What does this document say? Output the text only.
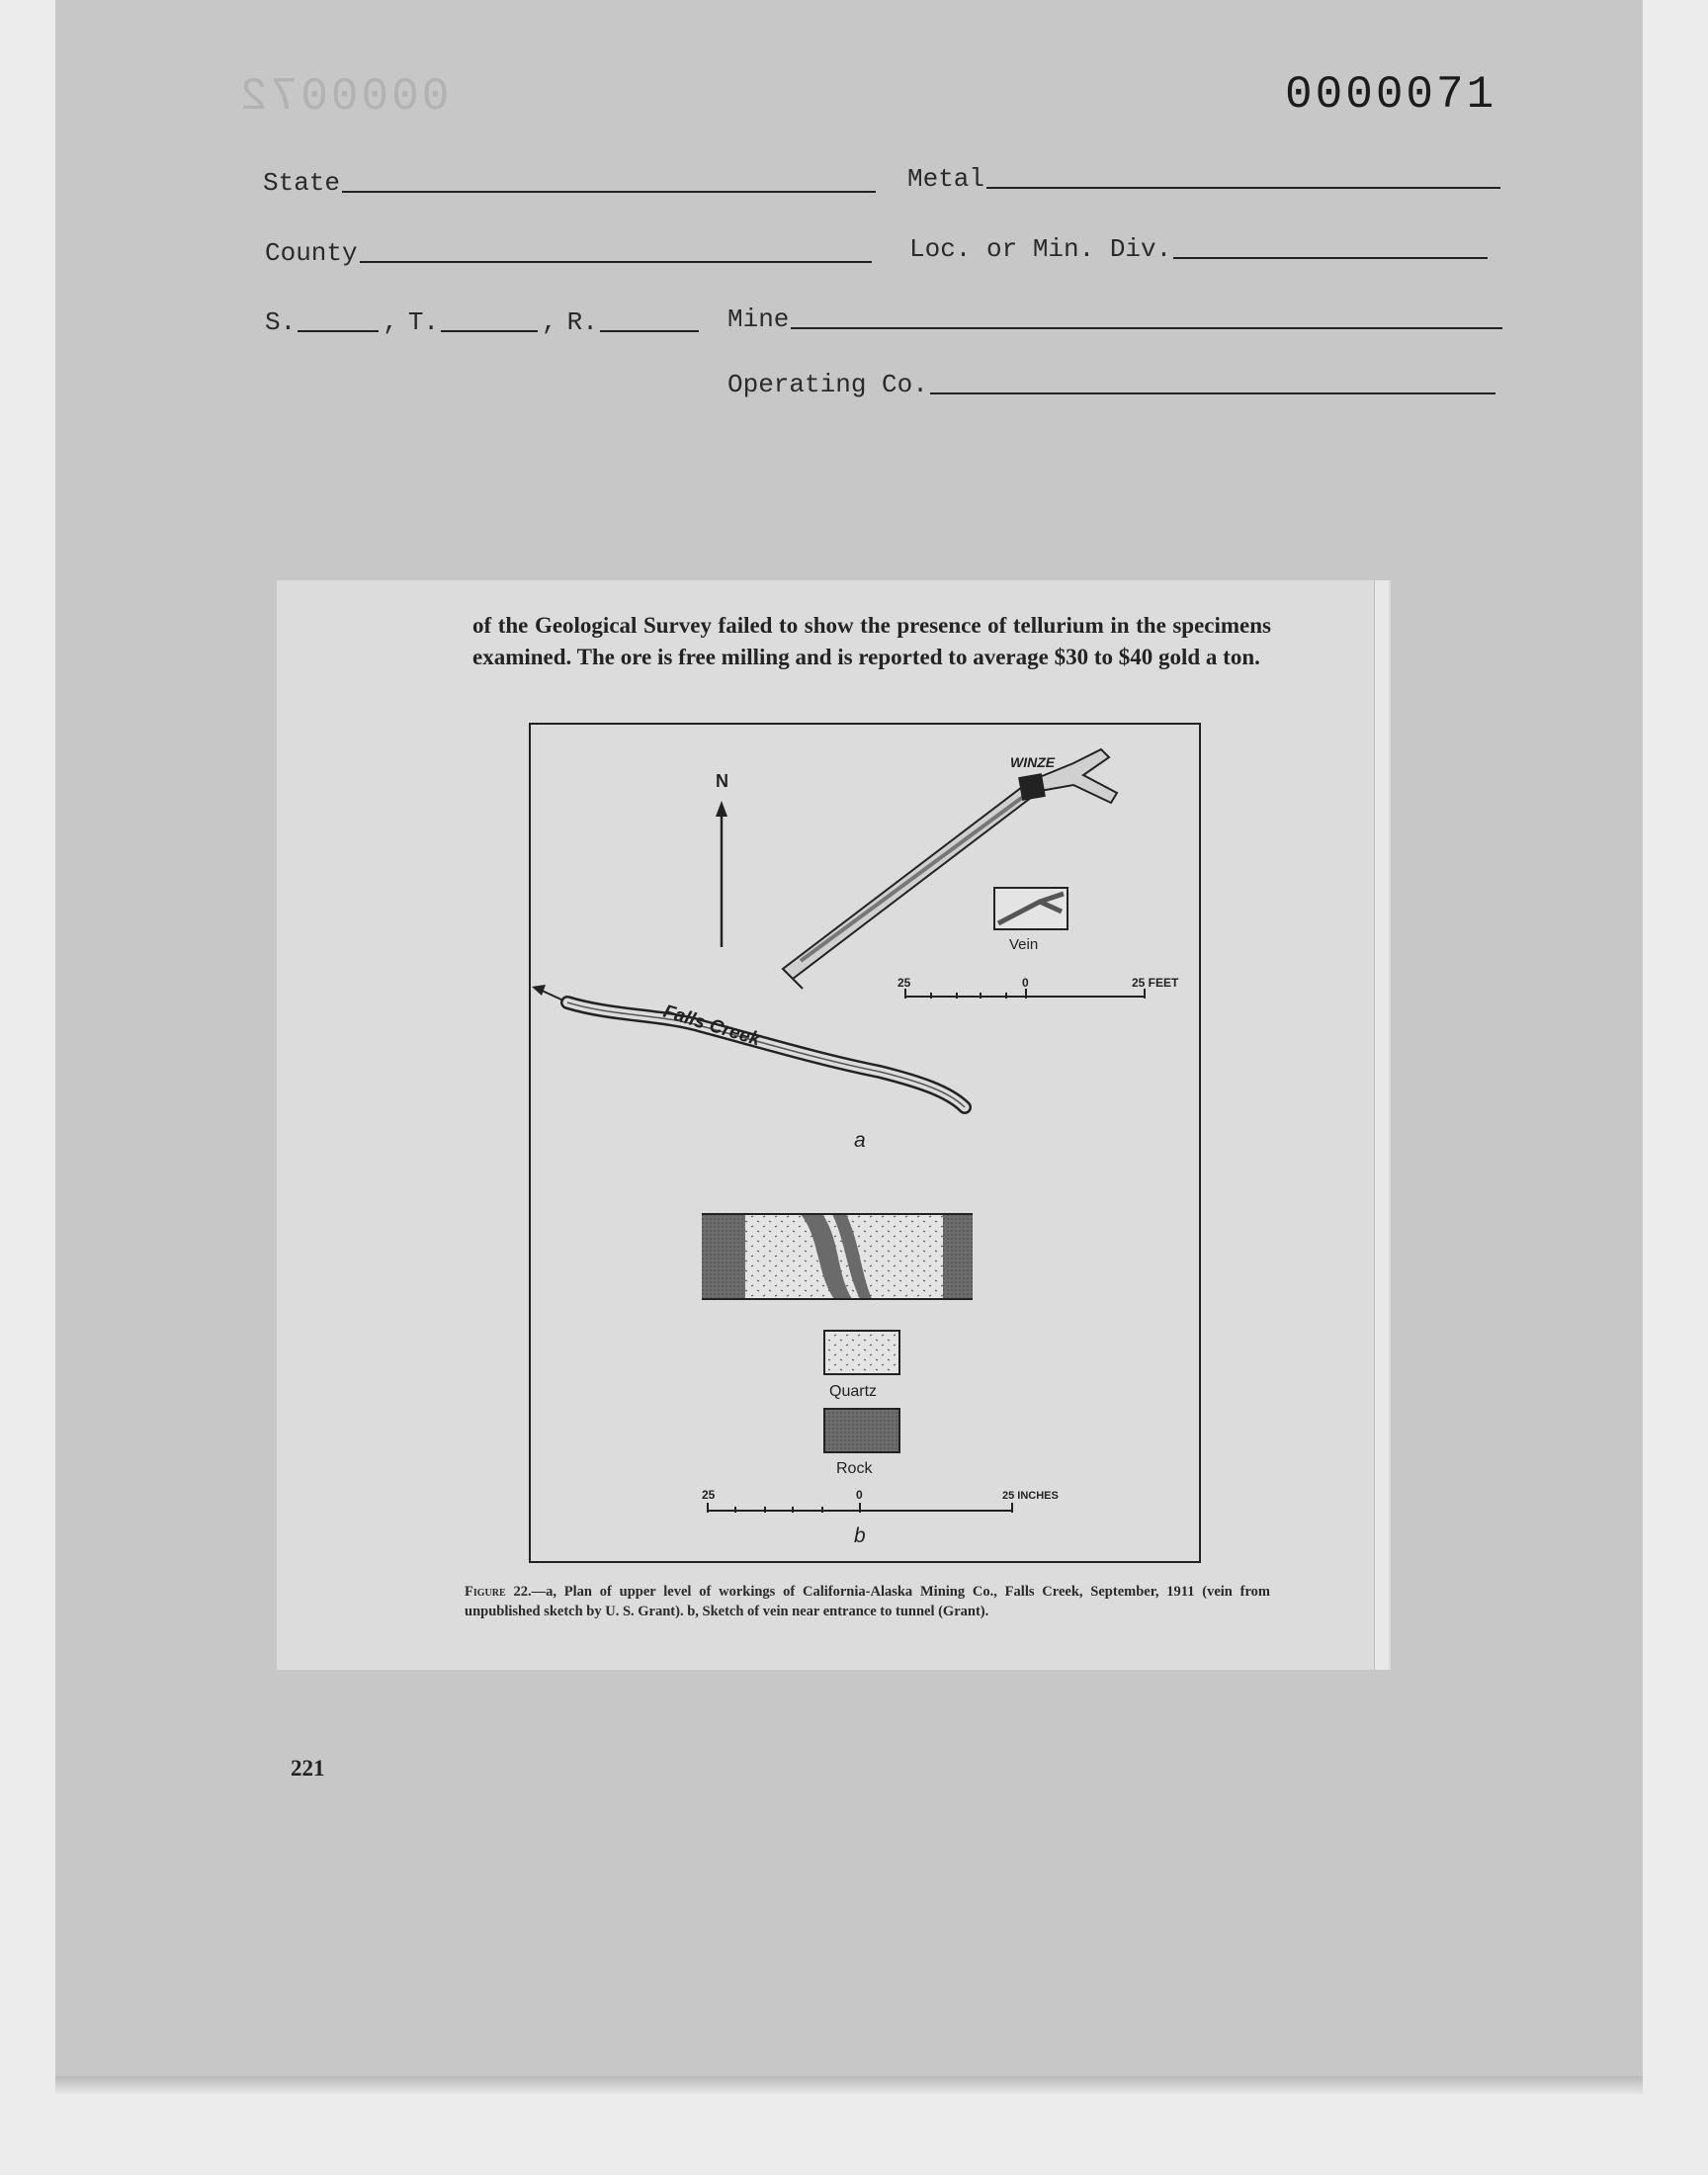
0000072	0000071
State	Metal
County	Loc. or Min. Div.
S.	, T.	, R.	Mine
Operating Co.
of the Geological Survey failed to show the presence of tellurium in the specimens examined. The ore is free milling and is reported to average $30 to $40 gold a ton.
N
WINZE
Vein
25	0	25 FEET
Falls Creek
a
Quartz
Rock
25	0	25 INCHES
b
Figure 22.—a, Plan of upper level of workings of California-Alaska Mining Co., Falls Creek, September, 1911 (vein from unpublished sketch by U. S. Grant). b, Sketch of vein near entrance to tunnel (Grant).
221
